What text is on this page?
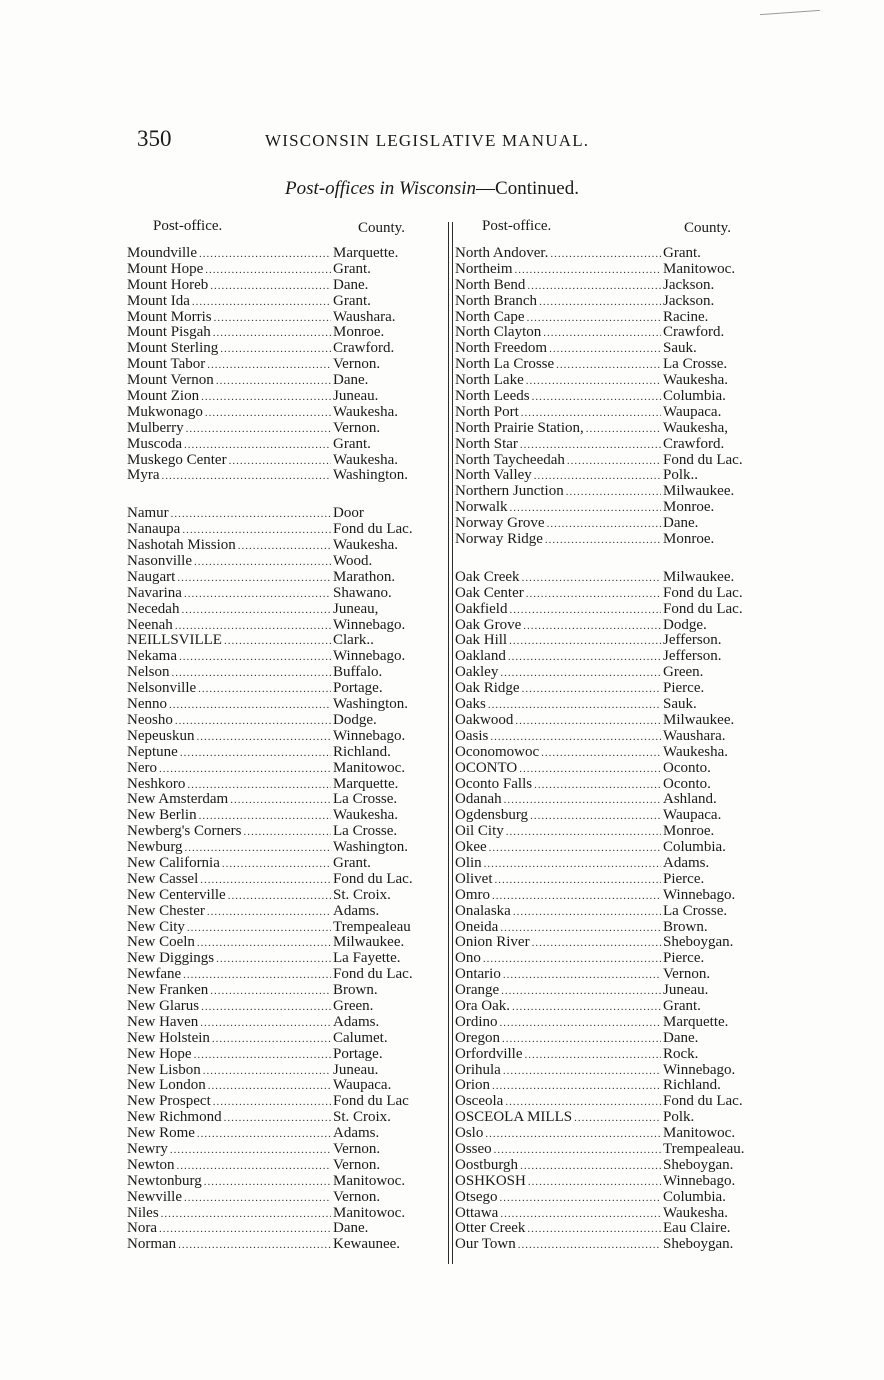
350	WISCONSIN LEGISLATIVE MANUAL.
Post-offices in Wisconsin—Continued.
Post-office.	County.
Moundville .....	Marquette.
Mount Hope .....	Grant.
Mount Horeb .....	Dane.
Mount Ida .....	Grant.
Mount Morris .....	Waushara.
Mount Pisgah .....	Monroe.
Mount Sterling .....	Crawford.
Mount Tabor .....	Vernon.
Mount Vernon .....	Dane.
Mount Zion .....	Juneau.
Mukwonago .....	Waukesha.
Mulberry .....	Vernon.
Muscoda .....	Grant.
Muskego Center .....	Waukesha.
Myra .....	Washington.
Namur .....	Door
Nanaupa .....	Fond du Lac.
Nashotah Mission .....	Waukesha.
Nasonville .....	Wood.
Naugart .....	Marathon.
Navarina .....	Shawano.
Necedah .....	Juneau,
Neenah .....	Winnebago.
NEILLSVILLE .....	Clark..
Nekama .....	Winnebago.
Nelson .....	Buffalo.
Nelsonville .....	Portage.
Nenno .....	Washington.
Neosho .....	Dodge.
Nepeuskun .....	Winnebago.
Neptune .....	Richland.
Nero .....	Manitowoc.
Neshkoro .....	Marquette.
New Amsterdam .....	La Crosse.
New Berlin .....	Waukesha.
Newberg's Corners .....	La Crosse.
Newburg .....	Washington.
New California .....	Grant.
New Cassel .....	Fond du Lac.
New Centerville .....	St. Croix.
New Chester .....	Adams.
New City .....	Trempealeau
New Coeln .....	Milwaukee.
New Diggings .....	La Fayette.
Newfane .....	Fond du Lac.
New Franken .....	Brown.
New Glarus .....	Green.
New Haven .....	Adams.
New Holstein .....	Calumet.
New Hope .....	Portage.
New Lisbon .....	Juneau.
New London .....	Waupaca.
New Prospect .....	Fond du Lac
New Richmond .....	St. Croix.
New Rome .....	Adams.
Newry .....	Vernon.
Newton .....	Vernon.
Newtonburg .....	Manitowoc.
Newville .....	Vernon.
Niles .....	Manitowoc.
Nora .....	Dane.
Norman .....	Kewaunee.
Post-office.	County.
North Andover. .....	Grant.
Northeim .....	Manitowoc.
North Bend .....	Jackson.
North Branch .....	Jackson.
North Cape .....	Racine.
North Clayton .....	Crawford.
North Freedom .....	Sauk.
North La Crosse .....	La Crosse.
North Lake .....	Waukesha.
North Leeds .....	Columbia.
North Port .....	Waupaca.
North Prairie Station, .....	Waukesha,
North Star .....	Crawford.
North Taycheedah .....	Fond du Lac.
North Valley .....	Polk..
Northern Junction .....	Milwaukee.
Norwalk .....	Monroe.
Norway Grove .....	Dane.
Norway Ridge .....	Monroe.
Oak Creek .....	Milwaukee.
Oak Center .....	Fond du Lac.
Oakfield .....	Fond du Lac.
Oak Grove .....	Dodge.
Oak Hill .....	Jefferson.
Oakland .....	Jefferson.
Oakley .....	Green.
Oak Ridge .....	Pierce.
Oaks .....	Sauk.
Oakwood .....	Milwaukee.
Oasis .....	Waushara.
Oconomowoc .....	Waukesha.
OCONTO .....	Oconto.
Oconto Falls .....	Oconto.
Odanah .....	Ashland.
Ogdensburg .....	Waupaca.
Oil City .....	Monroe.
Okee .....	Columbia.
Olin .....	Adams.
Olivet .....	Pierce.
Omro .....	Winnebago.
Onalaska .....	La Crosse.
Oneida .....	Brown.
Onion River .....	Sheboygan.
Ono .....	Pierce.
Ontario .....	Vernon.
Orange .....	Juneau.
Ora Oak. .....	Grant.
Ordino .....	Marquette.
Oregon .....	Dane.
Orfordville .....	Rock.
Orihula .....	Winnebago.
Orion .....	Richland.
Osceola .....	Fond du Lac.
OSCEOLA MILLS .....	Polk.
Oslo .....	Manitowoc.
Osseo .....	Trempealeau.
Oostburgh .....	Sheboygan.
OSHKOSH .....	Winnebago.
Otsego .....	Columbia.
Ottawa .....	Waukesha.
Otter Creek .....	Eau Claire.
Our Town .....	Sheboygan.
